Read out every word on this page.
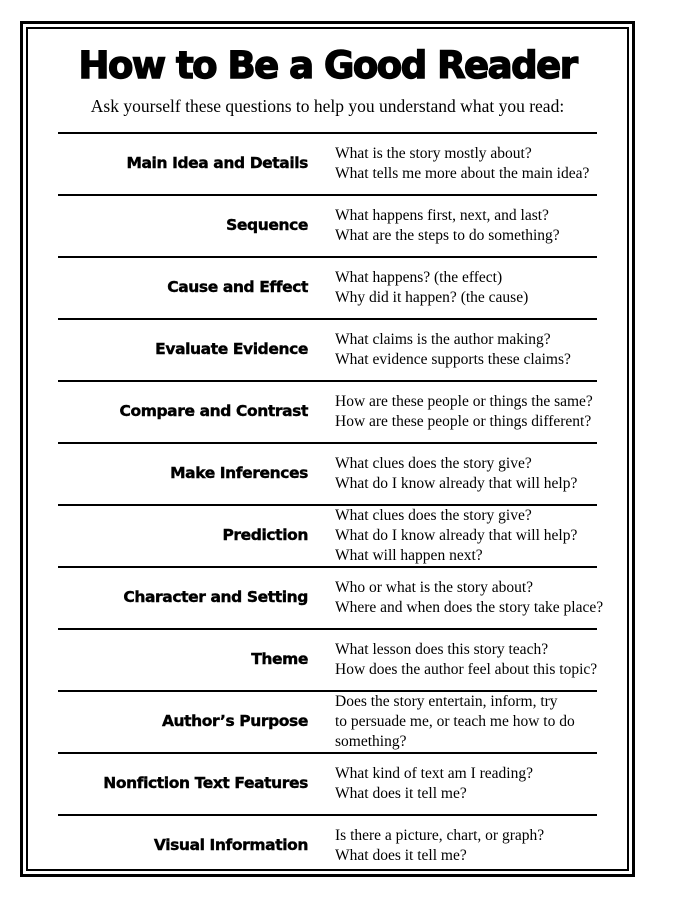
How to Be a Good Reader
Ask yourself these questions to help you understand what you read:
Main Idea and Details
What is the story mostly about?
What tells me more about the main idea?
Sequence
What happens first, next, and last?
What are the steps to do something?
Cause and Effect
What happens? (the effect)
Why did it happen? (the cause)
Evaluate Evidence
What claims is the author making?
What evidence supports these claims?
Compare and Contrast
How are these people or things the same?
How are these people or things different?
Make Inferences
What clues does the story give?
What do I know already that will help?
Prediction
What clues does the story give?
What do I know already that will help?
What will happen next?
Character and Setting
Who or what is the story about?
Where and when does the story take place?
Theme
What lesson does this story teach?
How does the author feel about this topic?
Author’s Purpose
Does the story entertain, inform, try
to persuade me, or teach me how to do
something?
Nonfiction Text Features
What kind of text am I reading?
What does it tell me?
Visual Information
Is there a picture, chart, or graph?
What does it tell me?
